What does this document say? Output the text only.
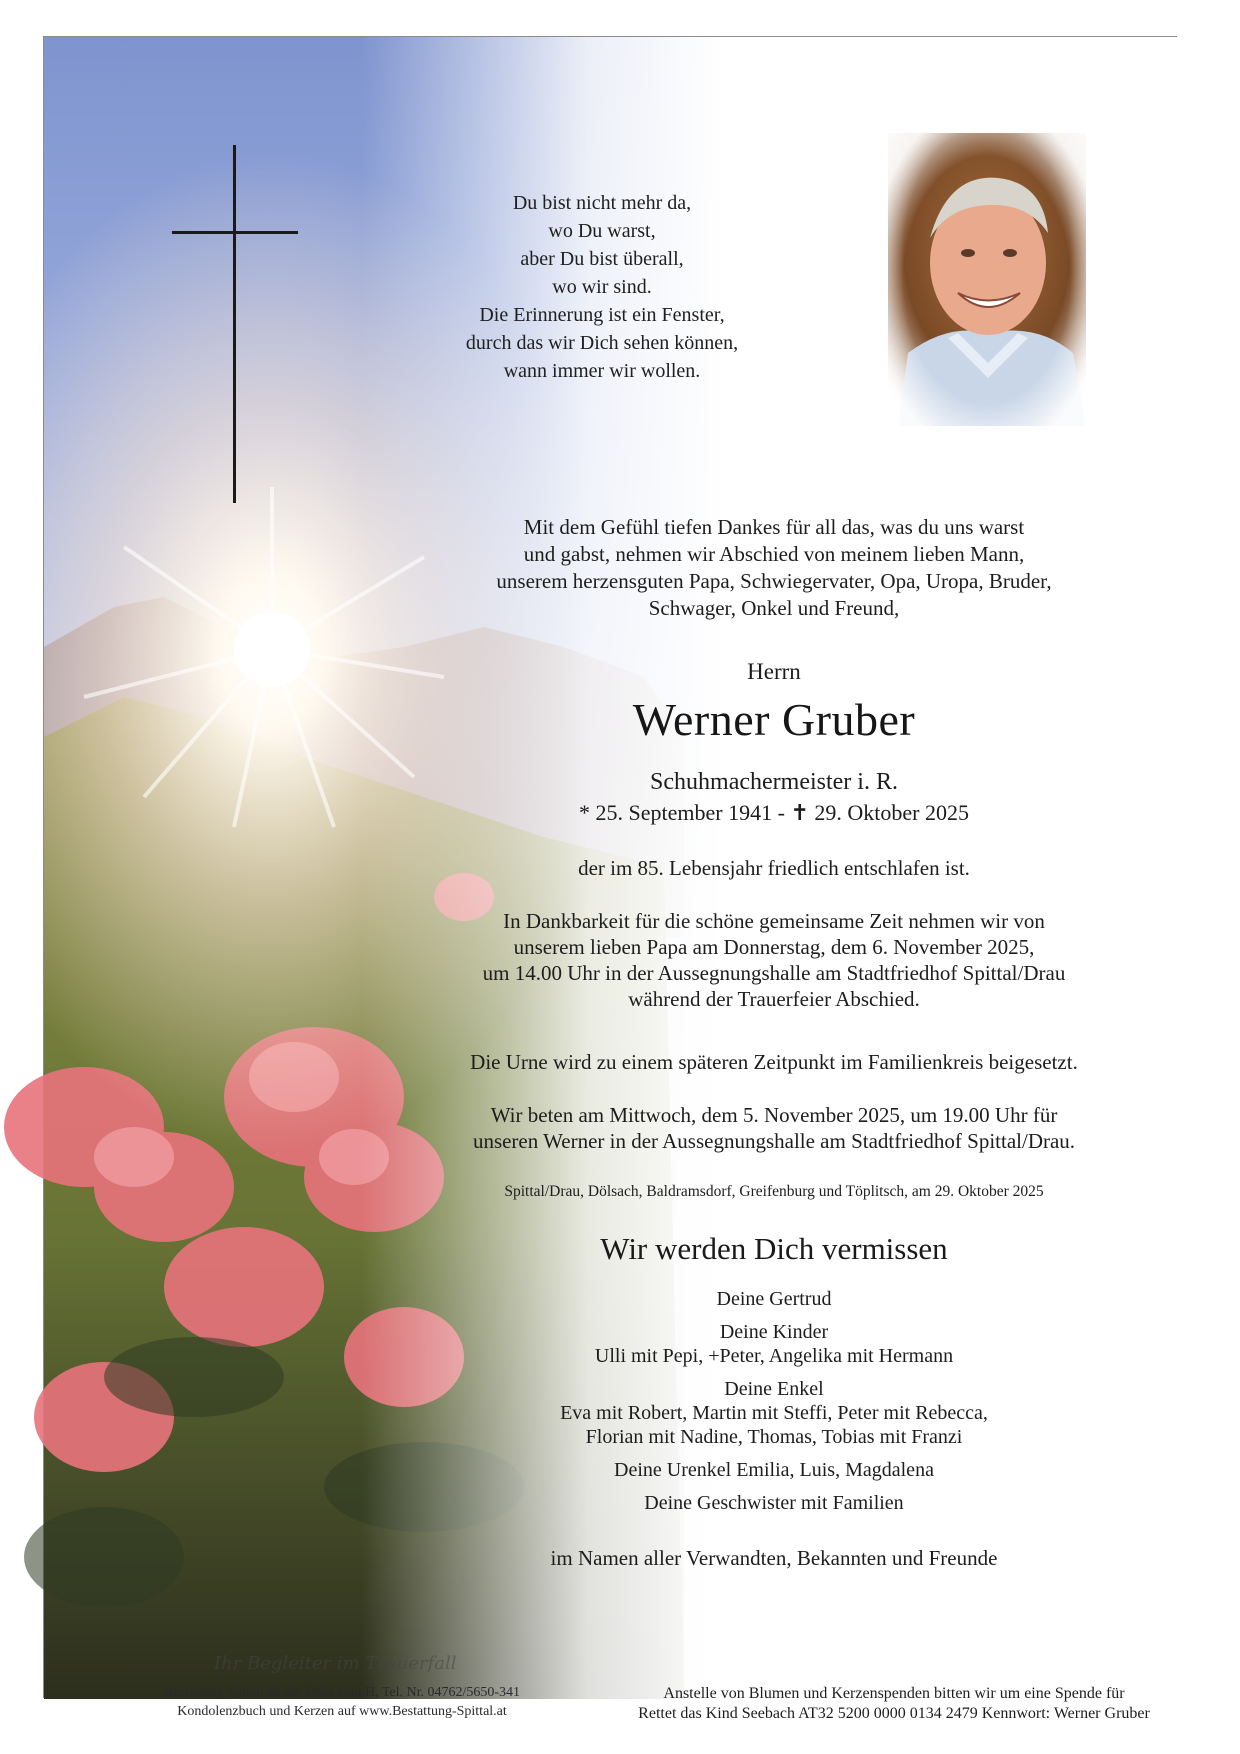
Du bist nicht mehr da,
wo Du warst,
aber Du bist überall,
wo wir sind.
Die Erinnerung ist ein Fenster,
durch das wir Dich sehen können,
wann immer wir wollen.
Mit dem Gefühl tiefen Dankes für all das, was du uns warst
und gabst, nehmen wir Abschied von meinem lieben Mann,
unserem herzensguten Papa, Schwiegervater, Opa, Uropa, Bruder,
Schwager, Onkel und Freund,
Herrn
Werner Gruber
Schuhmachermeister i. R.
* 25. September 1941 - ✝ 29. Oktober 2025
der im 85. Lebensjahr friedlich entschlafen ist.
In Dankbarkeit für die schöne gemeinsame Zeit nehmen wir von
unserem lieben Papa am Donnerstag, dem 6. November 2025,
um 14.00 Uhr in der Aussegnungshalle am Stadtfriedhof Spittal/Drau
während der Trauerfeier Abschied.
Die Urne wird zu einem späteren Zeitpunkt im Familienkreis beigesetzt.
Wir beten am Mittwoch, dem 5. November 2025, um 19.00 Uhr für
unseren Werner in der Aussegnungshalle am Stadtfriedhof Spittal/Drau.
Spittal/Drau, Dölsach, Baldramsdorf, Greifenburg und Töplitsch, am 29. Oktober 2025
Wir werden Dich vermissen
Deine Gertrud
Deine Kinder
Ulli mit Pepi, +Peter, Angelika mit Hermann
Deine Enkel
Eva mit Robert, Martin mit Steffi, Peter mit Rebecca,
Florian mit Nadine, Thomas, Tobias mit Franzi
Deine Urenkel Emilia, Luis, Magdalena
Deine Geschwister mit Familien
im Namen aller Verwandten, Bekannten und Freunde
Ihr Begleiter im Trauerfall
Bestattung Spittal an der Drau GmbH, Tel. Nr. 04762/5650-341
Kondolenzbuch und Kerzen auf www.Bestattung-Spittal.at
Anstelle von Blumen und Kerzenspenden bitten wir um eine Spende für
Rettet das Kind Seebach AT32 5200 0000 0134 2479 Kennwort: Werner Gruber
